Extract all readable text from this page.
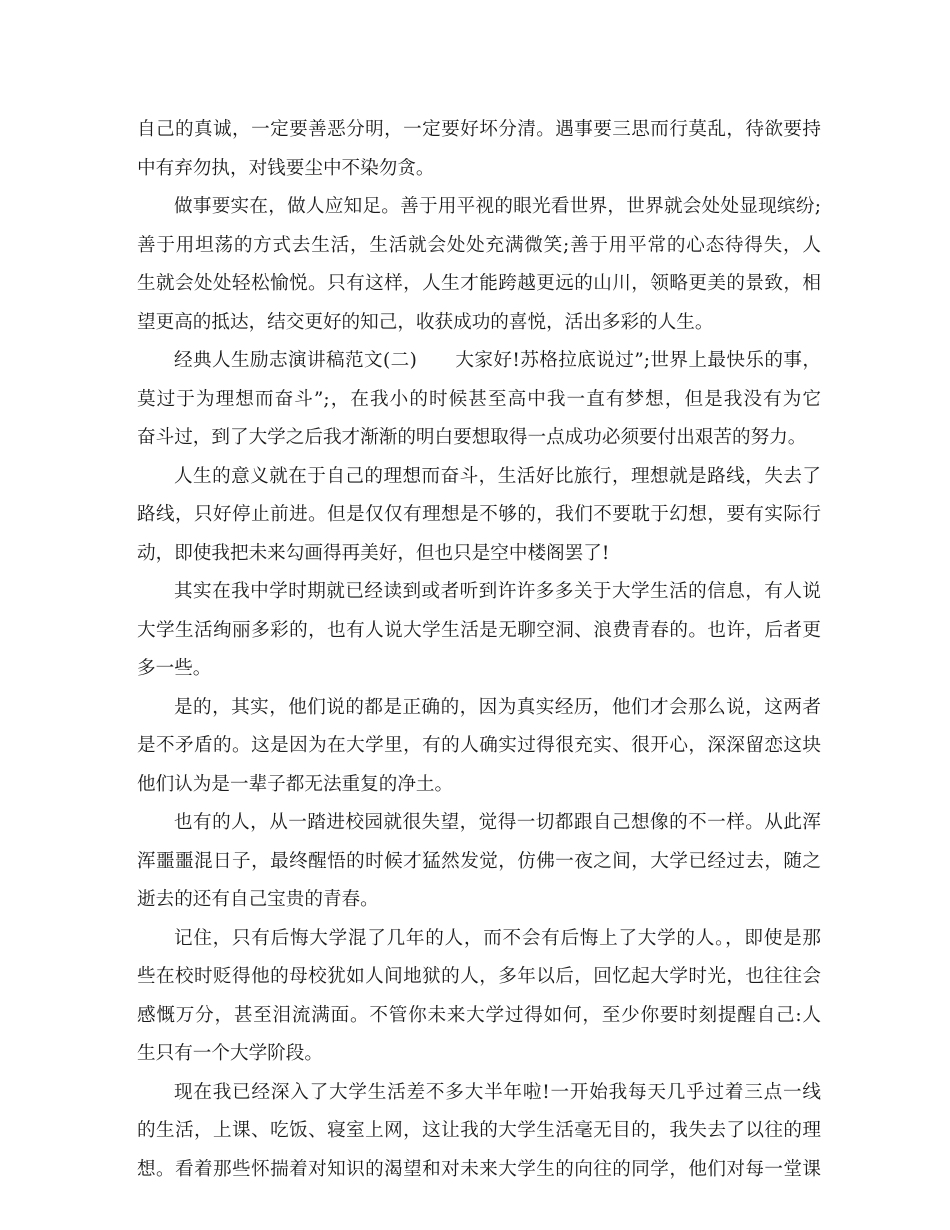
自己的真诚，一定要善恶分明，一定要好坏分清。遇事要三思而行莫乱，待欲要持
中有弃勿执，对钱要尘中不染勿贪。
做事要实在，做人应知足。善于用平视的眼光看世界，世界就会处处显现缤纷;
善于用坦荡的方式去生活，生活就会处处充满微笑;善于用平常的心态待得失，人
生就会处处轻松愉悦。只有这样，人生才能跨越更远的山川，领略更美的景致，相
望更高的抵达，结交更好的知己，收获成功的喜悦，活出多彩的人生。
经典人生励志演讲稿范文(二)　　大家好!苏格拉底说过”;世界上最快乐的事，
莫过于为理想而奋斗”;，在我小的时候甚至高中我一直有梦想，但是我没有为它
奋斗过，到了大学之后我才渐渐的明白要想取得一点成功必须要付出艰苦的努力。
人生的意义就在于自己的理想而奋斗，生活好比旅行，理想就是路线，失去了
路线，只好停止前进。但是仅仅有理想是不够的，我们不要耽于幻想，要有实际行
动，即使我把未来勾画得再美好，但也只是空中楼阁罢了!
其实在我中学时期就已经读到或者听到许许多多关于大学生活的信息，有人说
大学生活绚丽多彩的，也有人说大学生活是无聊空洞、浪费青春的。也许，后者更
多一些。
是的，其实，他们说的都是正确的，因为真实经历，他们才会那么说，这两者
是不矛盾的。这是因为在大学里，有的人确实过得很充实、很开心，深深留恋这块
他们认为是一辈子都无法重复的净土。
也有的人，从一踏进校园就很失望，觉得一切都跟自己想像的不一样。从此浑
浑噩噩混日子，最终醒悟的时候才猛然发觉，仿佛一夜之间，大学已经过去，随之
逝去的还有自己宝贵的青春。
记住，只有后悔大学混了几年的人，而不会有后悔上了大学的人。，即使是那
些在校时贬得他的母校犹如人间地狱的人，多年以后，回忆起大学时光，也往往会
感慨万分，甚至泪流满面。不管你未来大学过得如何，至少你要时刻提醒自己:人
生只有一个大学阶段。
现在我已经深入了大学生活差不多大半年啦!一开始我每天几乎过着三点一线
的生活，上课、吃饭、寝室上网，这让我的大学生活毫无目的，我失去了以往的理
想。看着那些怀揣着对知识的渴望和对未来大学生的向往的同学，他们对每一堂课
